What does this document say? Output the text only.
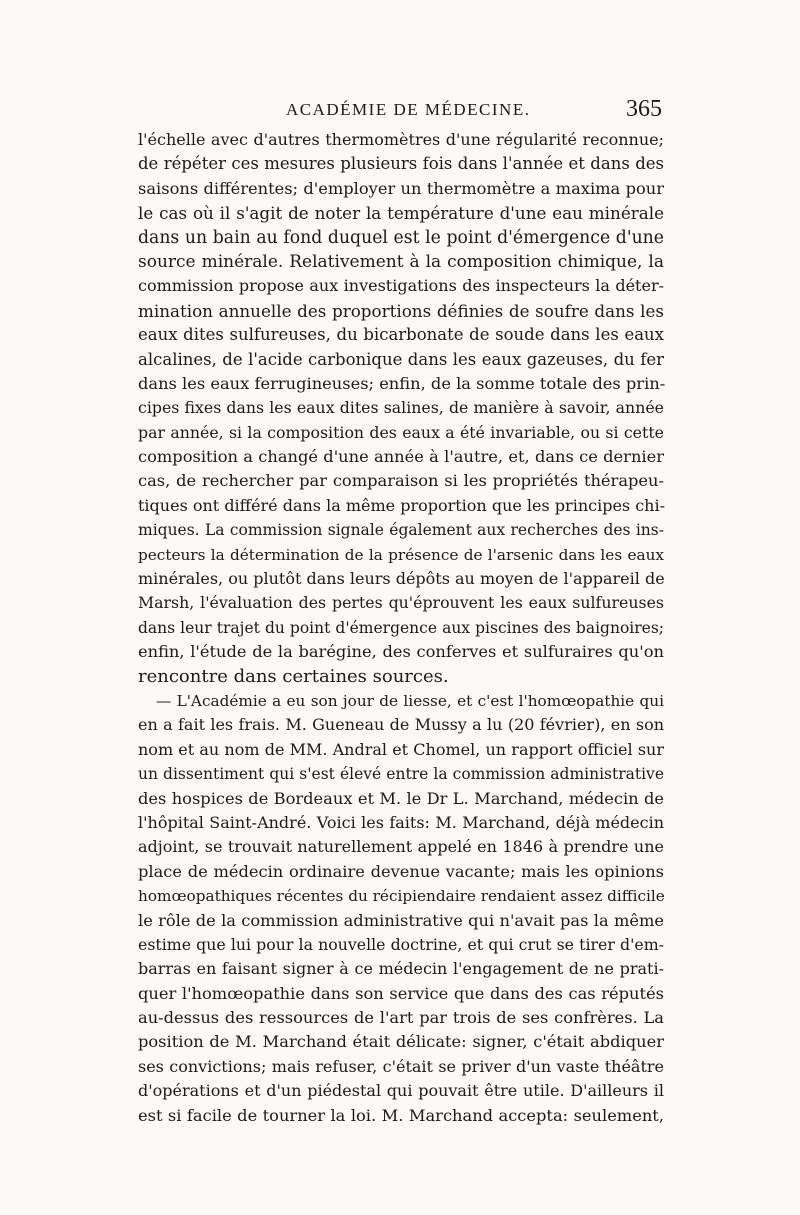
ACADÉMIE DE MÉDECINE.	365
l'échelle avec d'autres thermomètres d'une régularité reconnue;
de répéter ces mesures plusieurs fois dans l'année et dans des
saisons différentes; d'employer un thermomètre a maxima pour
le cas où il s'agit de noter la température d'une eau minérale
dans un bain au fond duquel est le point d'émergence d'une
source minérale. Relativement à la composition chimique, la
commission propose aux investigations des inspecteurs la déter-
mination annuelle des proportions définies de soufre dans les
eaux dites sulfureuses, du bicarbonate de soude dans les eaux
alcalines, de l'acide carbonique dans les eaux gazeuses, du fer
dans les eaux ferrugineuses; enfin, de la somme totale des prin-
cipes fixes dans les eaux dites salines, de manière à savoir, année
par année, si la composition des eaux a été invariable, ou si cette
composition a changé d'une année à l'autre, et, dans ce dernier
cas, de rechercher par comparaison si les propriétés thérapeu-
tiques ont différé dans la même proportion que les principes chi-
miques. La commission signale également aux recherches des ins-
pecteurs la détermination de la présence de l'arsenic dans les eaux
minérales, ou plutôt dans leurs dépôts au moyen de l'appareil de
Marsh, l'évaluation des pertes qu'éprouvent les eaux sulfureuses
dans leur trajet du point d'émergence aux piscines des baignoires;
enfin, l'étude de la barégine, des conferves et sulfuraires qu'on
rencontre dans certaines sources.
— L'Académie a eu son jour de liesse, et c'est l'homœopathie qui
en a fait les frais. M. Gueneau de Mussy a lu (20 février), en son
nom et au nom de MM. Andral et Chomel, un rapport officiel sur
un dissentiment qui s'est élevé entre la commission administrative
des hospices de Bordeaux et M. le Dr L. Marchand, médecin de
l'hôpital Saint-André. Voici les faits: M. Marchand, déjà médecin
adjoint, se trouvait naturellement appelé en 1846 à prendre une
place de médecin ordinaire devenue vacante; mais les opinions
homœopathiques récentes du récipiendaire rendaient assez difficile
le rôle de la commission administrative qui n'avait pas la même
estime que lui pour la nouvelle doctrine, et qui crut se tirer d'em-
barras en faisant signer à ce médecin l'engagement de ne prati-
quer l'homœopathie dans son service que dans des cas réputés
au-dessus des ressources de l'art par trois de ses confrères. La
position de M. Marchand était délicate: signer, c'était abdiquer
ses convictions; mais refuser, c'était se priver d'un vaste théâtre
d'opérations et d'un piédestal qui pouvait être utile. D'ailleurs il
est si facile de tourner la loi. M. Marchand accepta: seulement,
